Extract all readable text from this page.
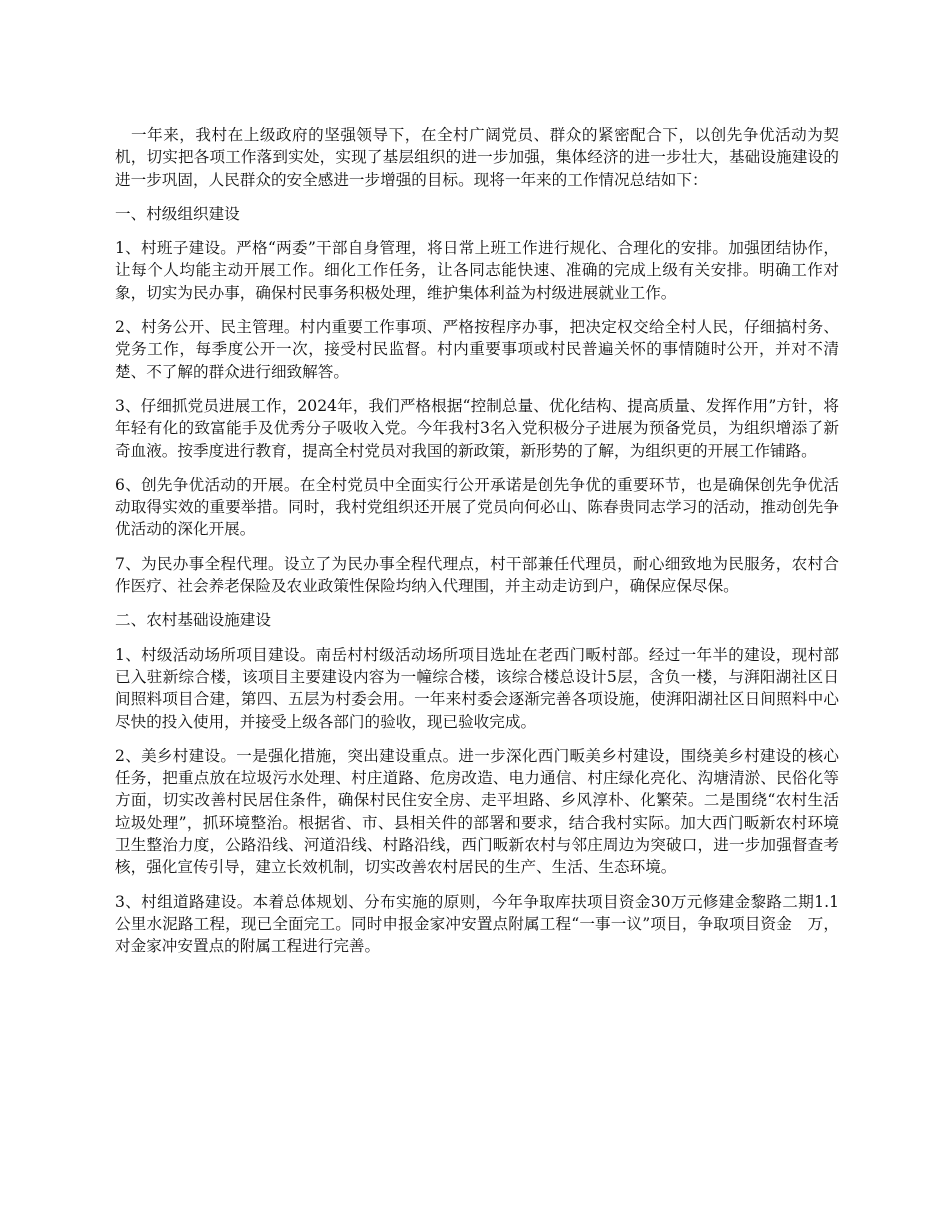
一年来，我村在上级政府的坚强领导下，在全村广阔党员、群众的紧密配合下，以创先争优活动为契机，切实把各项工作落到实处，实现了基层组织的进一步加强，集体经济的进一步壮大，基础设施建设的进一步巩固，人民群众的安全感进一步增强的目标。现将一年来的工作情况总结如下：

一、村级组织建设

1、村班子建设。严格“两委”干部自身管理，将日常上班工作进行规化、合理化的安排。加强团结协作，让每个人均能主动开展工作。细化工作任务，让各同志能快速、准确的完成上级有关安排。明确工作对象，切实为民办事，确保村民事务积极处理，维护集体利益为村级进展就业工作。

2、村务公开、民主管理。村内重要工作事项、严格按程序办事，把决定权交给全村人民，仔细搞村务、党务工作，每季度公开一次，接受村民监督。村内重要事项或村民普遍关怀的事情随时公开，并对不清楚、不了解的群众进行细致解答。

3、仔细抓党员进展工作，2024年，我们严格根据“控制总量、优化结构、提高质量、发挥作用”方针，将年轻有化的致富能手及优秀分子吸收入党。今年我村3名入党积极分子进展为预备党员，为组织增添了新奇血液。按季度进行教育，提高全村党员对我国的新政策，新形势的了解，为组织更的开展工作铺路。

6、创先争优活动的开展。在全村党员中全面实行公开承诺是创先争优的重要环节，也是确保创先争优活动取得实效的重要举措。同时，我村党组织还开展了党员向何必山、陈春贵同志学习的活动，推动创先争优活动的深化开展。

7、为民办事全程代理。设立了为民办事全程代理点，村干部兼任代理员，耐心细致地为民服务，农村合作医疗、社会养老保险及农业政策性保险均纳入代理围，并主动走访到户，确保应保尽保。

二、农村基础设施建设

1、村级活动场所项目建设。南岳村村级活动场所项目选址在老西门畈村部。经过一年半的建设，现村部已入驻新综合楼，该项目主要建设内容为一幢综合楼，该综合楼总设计5层，含负一楼，与湃阳湖社区日间照料项目合建，第四、五层为村委会用。一年来村委会逐渐完善各项设施，使湃阳湖社区日间照料中心尽快的投入使用，并接受上级各部门的验收，现已验收完成。

2、美乡村建设。一是强化措施，突出建设重点。进一步深化西门畈美乡村建设，围绕美乡村建设的核心任务，把重点放在垃圾污水处理、村庄道路、危房改造、电力通信、村庄绿化亮化、沟塘清淤、民俗化等方面，切实改善村民居住条件，确保村民住安全房、走平坦路、乡风淳朴、化繁荣。二是围绕“农村生活垃圾处理”，抓环境整治。根据省、市、县相关件的部署和要求，结合我村实际。加大西门畈新农村环境卫生整治力度，公路沿线、河道沿线、村路沿线，西门畈新农村与邻庄周边为突破口，进一步加强督查考核，强化宣传引导，建立长效机制，切实改善农村居民的生产、生活、生态环境。

3、村组道路建设。本着总体规划、分布实施的原则，今年争取库扶项目资金30万元修建金黎路二期1.1公里水泥路工程，现已全面完工。同时申报金家冲安置点附属工程“一事一议”项目，争取项目资金　万，对金家冲安置点的附属工程进行完善。
